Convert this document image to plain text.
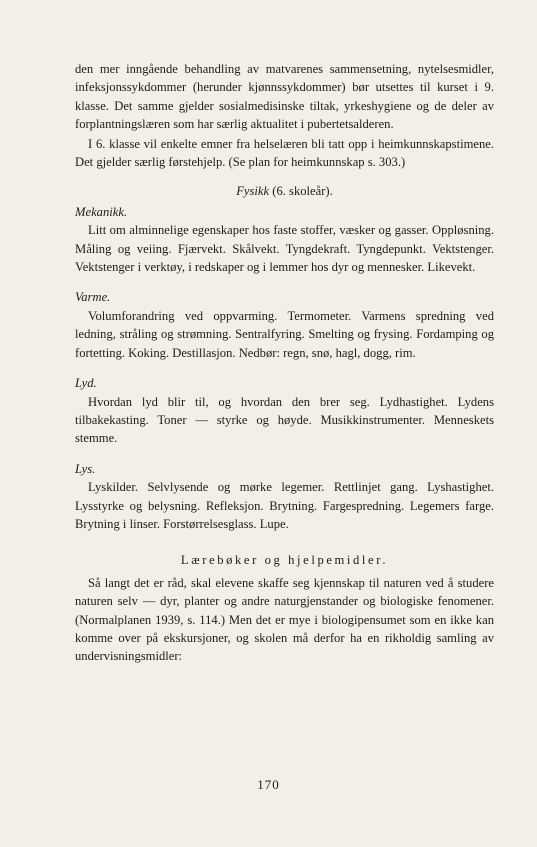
den mer inngående behandling av matvarenes sammensetning, nytelsesmidler, infeksjonssykdommer (herunder kjønnssykdommer) bør utsettes til kurset i 9. klasse. Det samme gjelder sosialmedisinske tiltak, yrkeshygiene og de deler av forplantningslæren som har særlig aktualitet i pubertetsalderen.

I 6. klasse vil enkelte emner fra helselæren bli tatt opp i heimkunnskapstimene. Det gjelder særlig førstehjelp. (Se plan for heimkunnskap s. 303.)

Fysikk (6. skoleår).
Mekanikk.

Litt om alminnelige egenskaper hos faste stoffer, væsker og gasser. Oppløsning. Måling og veiing. Fjærvekt. Skålvekt. Tyngdekraft. Tyngdepunkt. Vektstenger. Vektstenger i verktøy, i redskaper og i lemmer hos dyr og mennesker. Likevekt.

Varme.

Volumforandring ved oppvarming. Termometer. Varmens spredning ved ledning, stråling og strømning. Sentralfyring. Smelting og frysing. Fordamping og fortetting. Koking. Destillasjon. Nedbør: regn, snø, hagl, dogg, rim.

Lyd.

Hvordan lyd blir til, og hvordan den brer seg. Lydhastighet. Lydens tilbakekasting. Toner — styrke og høyde. Musikkinstrumenter. Menneskets stemme.

Lys.

Lyskilder. Selvlysende og mørke legemer. Rettlinjet gang. Lyshastighet. Lysstyrke og belysning. Refleksjon. Brytning. Fargespredning. Legemers farge. Brytning i linser. Forstørrelsesglass. Lupe.

Lærebøker og hjelpemidler.

Så langt det er råd, skal elevene skaffe seg kjennskap til naturen ved å studere naturen selv — dyr, planter og andre naturgjenstander og biologiske fenomener. (Normalplanen 1939, s. 114.) Men det er mye i biologipensumet som en ikke kan komme over på ekskursjoner, og skolen må derfor ha en rikholdig samling av undervisningsmidler:

170
